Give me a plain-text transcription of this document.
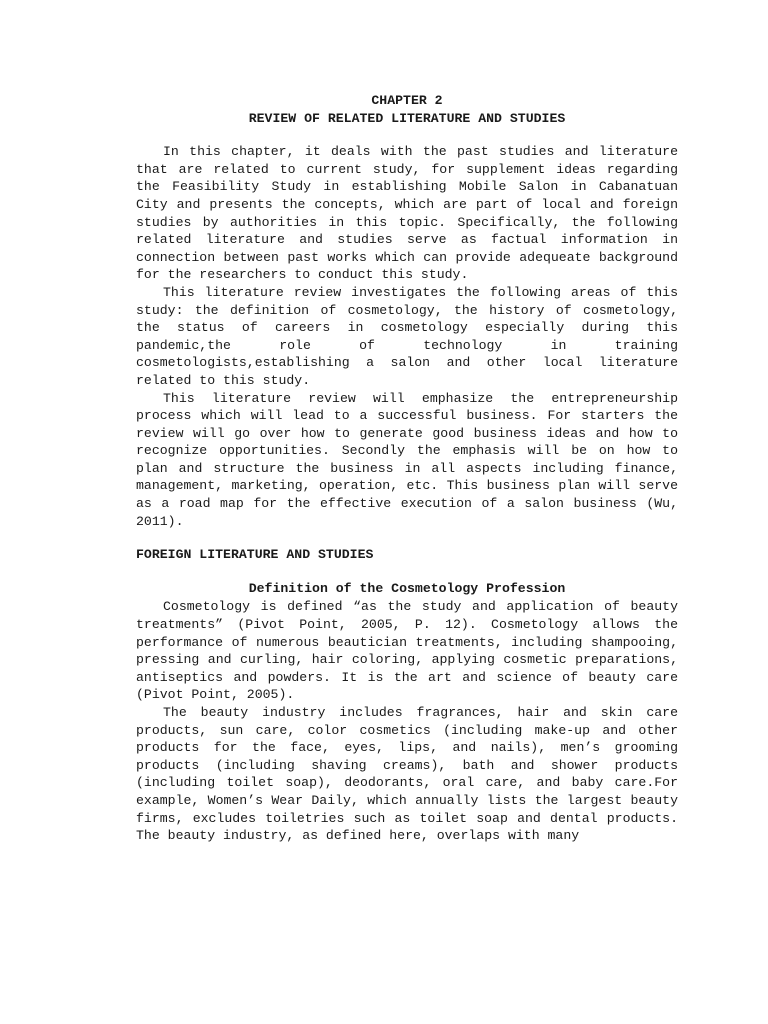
CHAPTER 2
REVIEW OF RELATED LITERATURE AND STUDIES

In this chapter, it deals with the past studies and literature that are related to current study, for supplement ideas regarding the Feasibility Study in establishing Mobile Salon in Cabanatuan City and presents the concepts, which are part of local and foreign studies by authorities in this topic. Specifically, the following related literature and studies serve as factual information in connection between past works which can provide adequeate background for the researchers to conduct this study.

This literature review investigates the following areas of this study: the definition of cosmetology, the history of cosmetology, the status of careers in cosmetology especially during this pandemic,the role of technology in training cosmetologists,establishing a salon and other local literature related to this study.

This literature review will emphasize the entrepreneurship process which will lead to a successful business. For starters the review will go over how to generate good business ideas and how to recognize opportunities. Secondly the emphasis will be on how to plan and structure the business in all aspects including finance, management, marketing, operation, etc. This business plan will serve as a road map for the effective execution of a salon business (Wu, 2011).

FOREIGN LITERATURE AND STUDIES
Definition of the Cosmetology Profession

Cosmetology is defined “as the study and application of beauty treatments” (Pivot Point, 2005, P. 12). Cosmetology allows the performance of numerous beautician treatments, including shampooing, pressing and curling, hair coloring, applying cosmetic preparations, antiseptics and powders. It is the art and science of beauty care (Pivot Point, 2005).

The beauty industry includes fragrances, hair and skin care products, sun care, color cosmetics (including make-up and other products for the face, eyes, lips, and nails), men’s grooming products (including shaving creams), bath and shower products (including toilet soap), deodorants, oral care, and baby care.For example, Women’s Wear Daily, which annually lists the largest beauty firms, excludes toiletries such as toilet soap and dental products. The beauty industry, as defined here, overlaps with many
